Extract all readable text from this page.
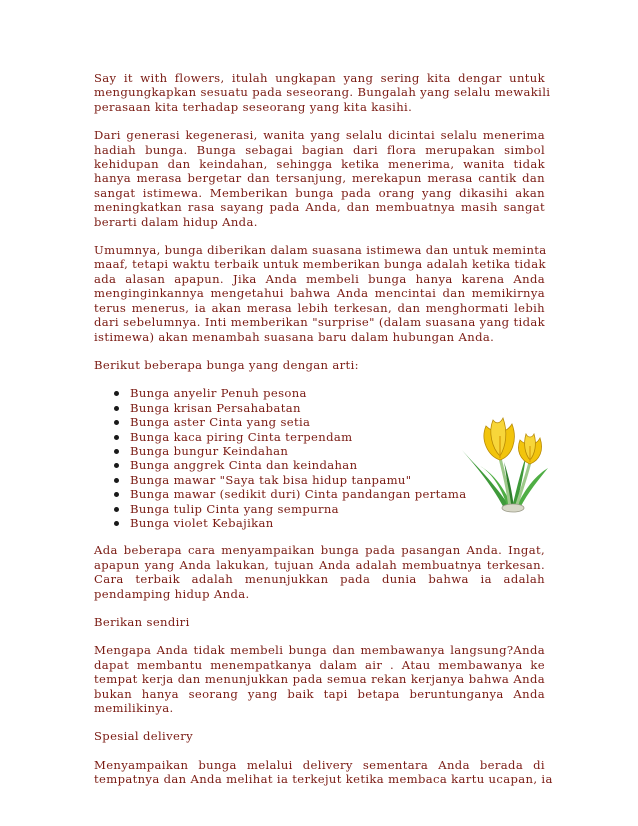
Say it with flowers, itulah ungkapan yang sering kita dengar untuk
mengungkapkan sesuatu pada seseorang. Bungalah yang selalu mewakili
perasaan kita terhadap seseorang yang kita kasihi.
Dari generasi kegenerasi, wanita yang selalu dicintai selalu menerima
hadiah bunga. Bunga sebagai bagian dari flora merupakan simbol
kehidupan dan keindahan, sehingga ketika menerima, wanita tidak
hanya merasa bergetar dan tersanjung, merekapun merasa cantik dan
sangat istimewa. Memberikan bunga pada orang yang dikasihi akan
meningkatkan rasa sayang pada Anda, dan membuatnya masih sangat
berarti dalam hidup Anda.
Umumnya, bunga diberikan dalam suasana istimewa dan untuk meminta
maaf, tetapi waktu terbaik untuk memberikan bunga adalah ketika tidak
ada alasan apapun. Jika Anda membeli bunga hanya karena Anda
menginginkannya mengetahui bahwa Anda mencintai dan memikirnya
terus menerus, ia akan merasa lebih terkesan, dan menghormati lebih
dari sebelumnya. Inti memberikan "surprise" (dalam suasana yang tidak
istimewa) akan menambah suasana baru dalam hubungan Anda.
Berikut beberapa bunga yang dengan arti:
Bunga anyelir Penuh pesona
Bunga krisan Persahabatan
Bunga aster Cinta yang setia
Bunga kaca piring Cinta terpendam
Bunga bungur Keindahan
Bunga anggrek Cinta dan keindahan
Bunga mawar "Saya tak bisa hidup tanpamu"
Bunga mawar (sedikit duri) Cinta pandangan pertama
Bunga tulip Cinta yang sempurna
Bunga violet Kebajikan
Ada beberapa cara menyampaikan bunga pada pasangan Anda. Ingat,
apapun yang Anda lakukan, tujuan Anda adalah membuatnya terkesan.
Cara terbaik adalah menunjukkan pada dunia bahwa ia adalah
pendamping hidup Anda.
Berikan sendiri
Mengapa Anda tidak membeli bunga dan membawanya langsung?Anda
dapat membantu menempatkanya dalam air . Atau membawanya ke
tempat kerja dan menunjukkan pada semua rekan kerjanya bahwa Anda
bukan hanya seorang yang baik tapi betapa beruntunganya Anda
memilikinya.
Spesial delivery
Menyampaikan bunga melalui delivery sementara Anda berada di
tempatnya dan Anda melihat ia terkejut ketika membaca kartu ucapan, ia
